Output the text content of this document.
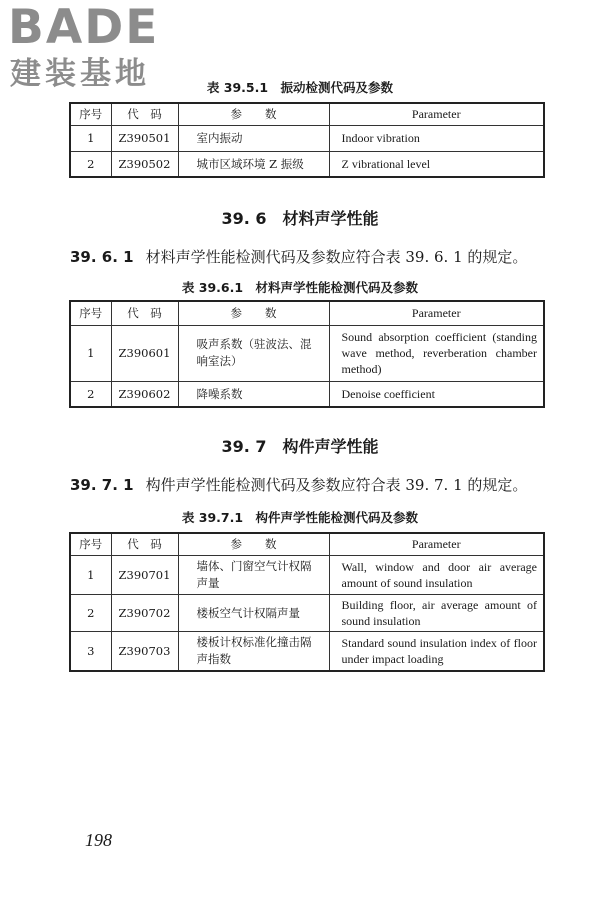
BADE
建装基地	表 39.5.1　振动检测代码及参数
序号	代　码	参　　数	Parameter
1	Z390501	室内振动	Indoor vibration
2	Z390502	城市区域环境 Z 振级	Z vibrational level
39. 6　材料声学性能
39. 6. 1 材料声学性能检测代码及参数应符合表 39. 6. 1 的规定。
表 39.6.1　材料声学性能检测代码及参数
序号	代　码	参　　数	Parameter
1	Z390601	吸声系数（驻波法、混响室法）	Sound absorption coefficient (standing wave method, reverberation chamber method)
2	Z390602	降噪系数	Denoise coefficient
39. 7　构件声学性能
39. 7. 1 构件声学性能检测代码及参数应符合表 39. 7. 1 的规定。
表 39.7.1　构件声学性能检测代码及参数
序号	代　码	参　　数	Parameter
1	Z390701	墙体、门窗空气计权隔声量	Wall, window and door air average amount of sound insulation
2	Z390702	楼板空气计权隔声量	Building floor, air average amount of sound insulation
3	Z390703	楼板计权标准化撞击隔声指数	Standard sound insulation index of floor under impact loading
198
